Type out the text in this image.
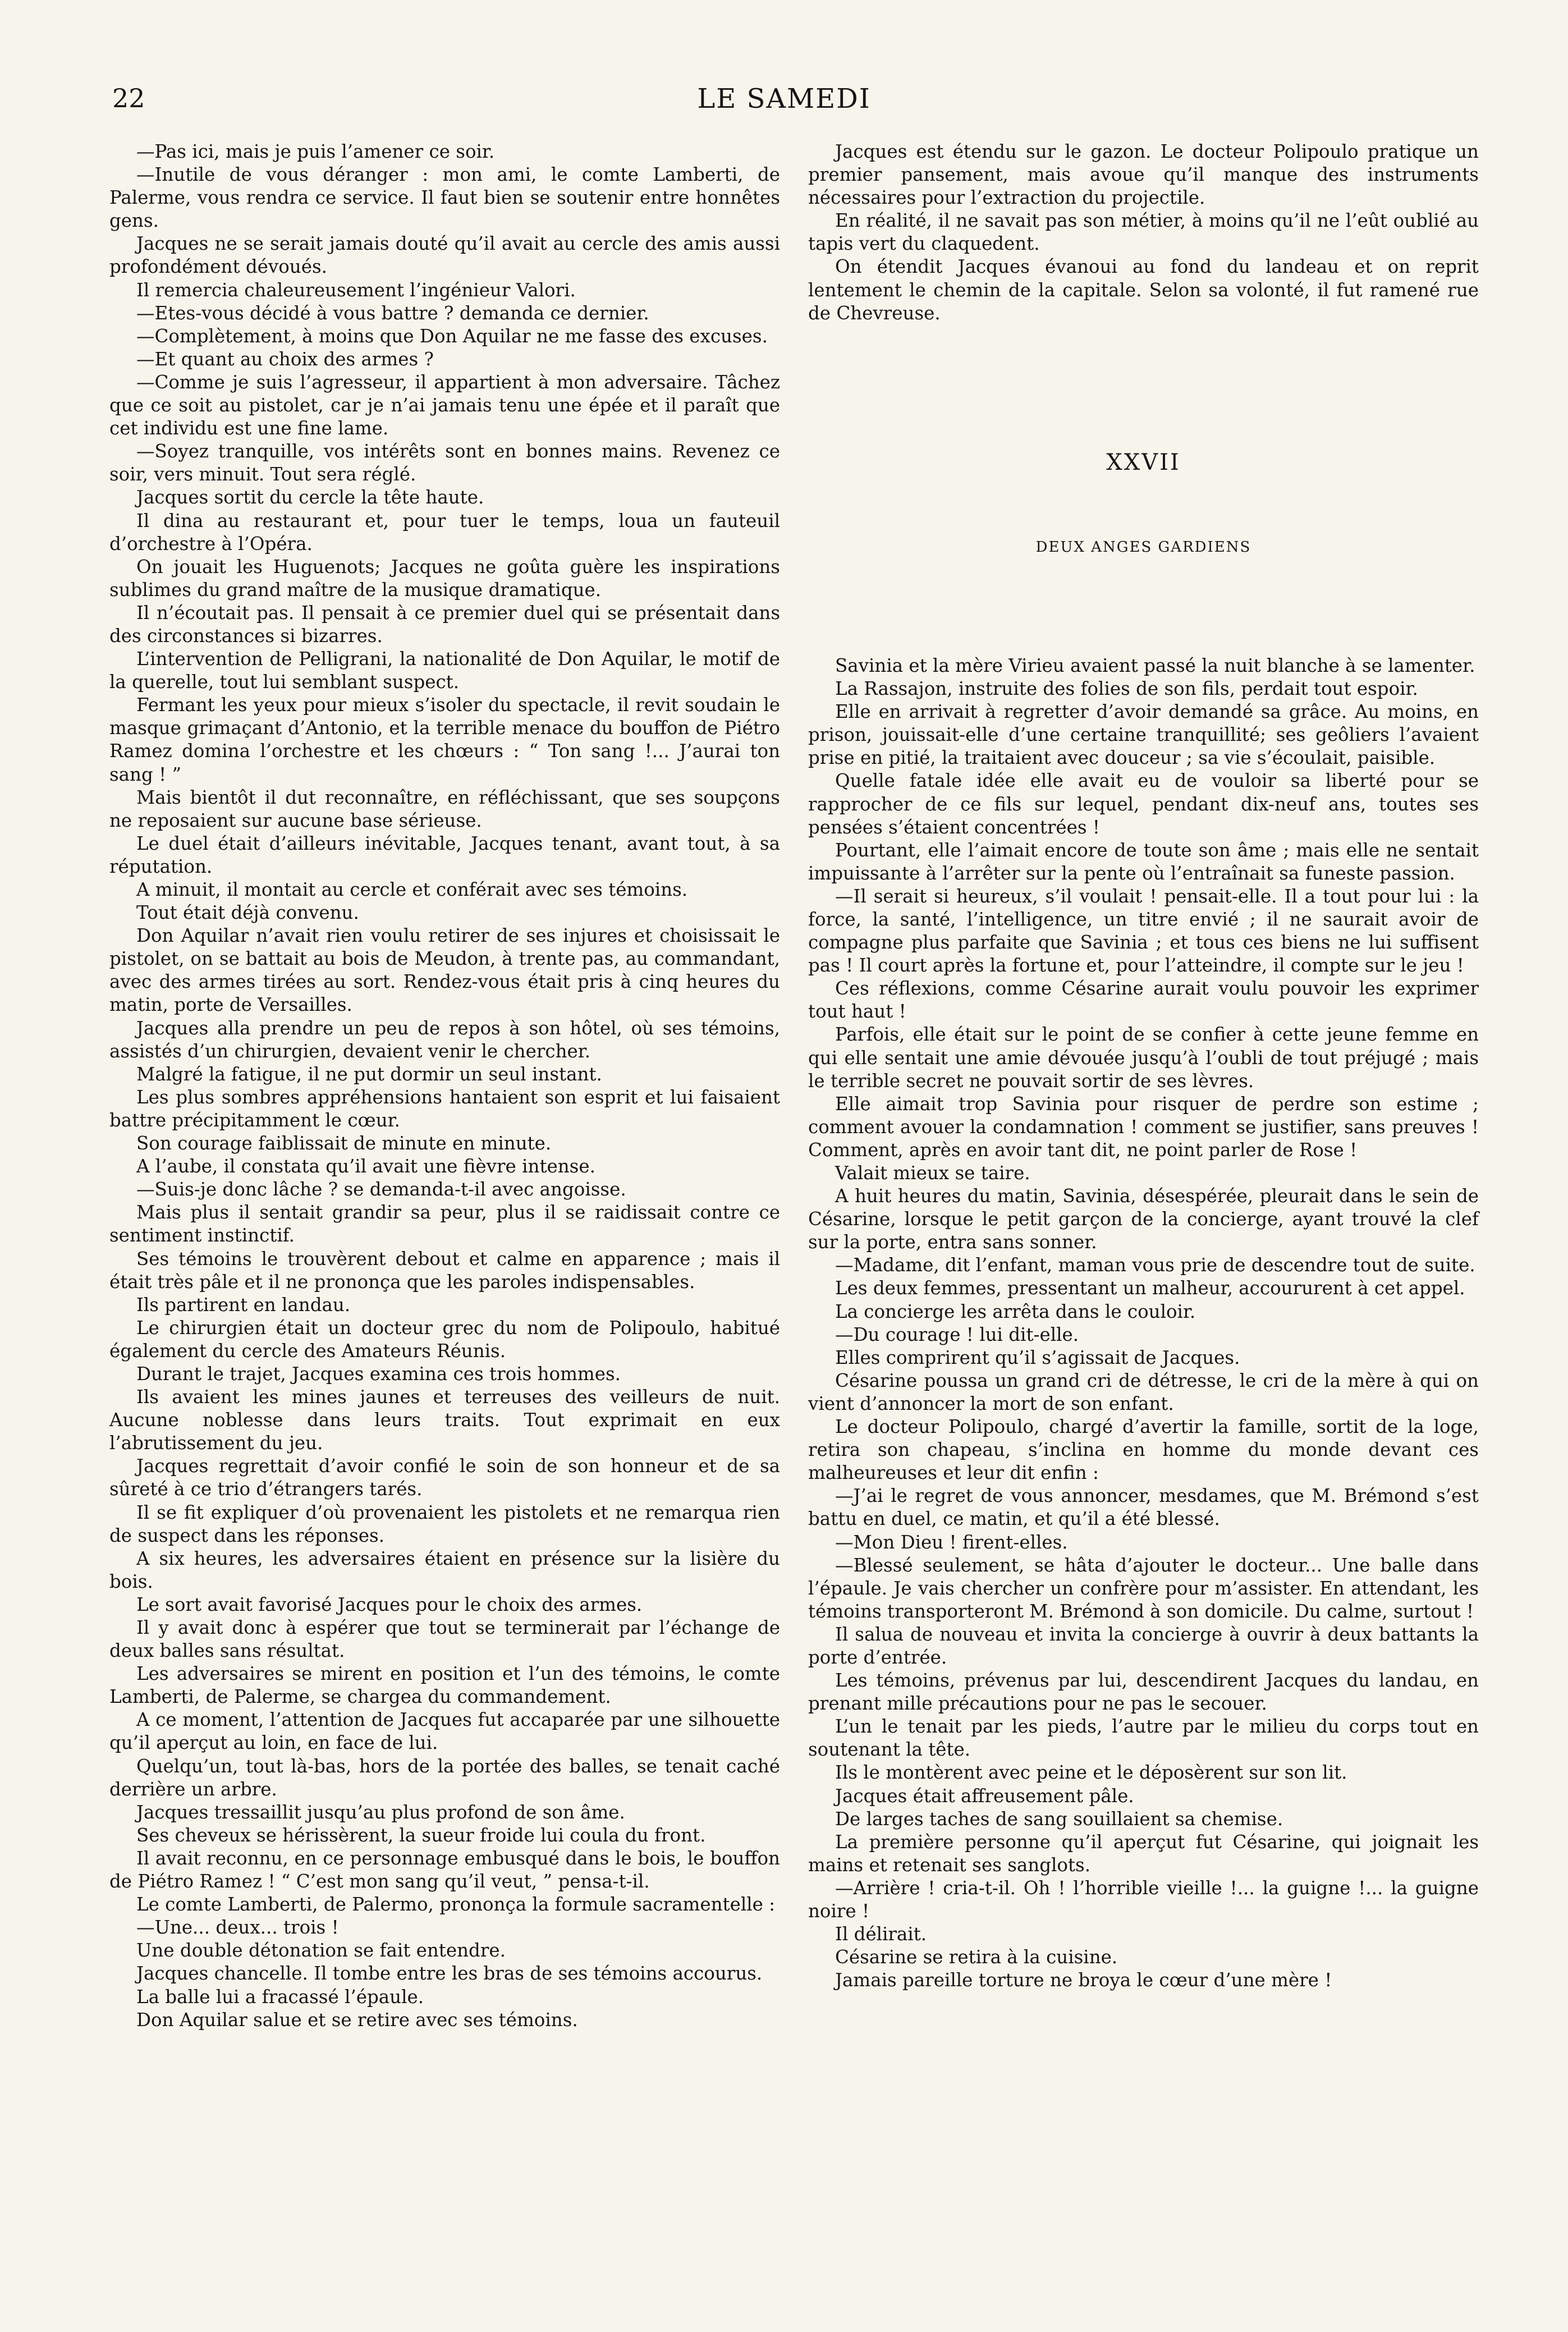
22	LE SAMEDI

—Pas ici, mais je puis l’amener ce soir.

—Inutile de vous déranger : mon ami, le comte Lamberti, de Palerme, vous rendra ce service. Il faut bien se soutenir entre honnêtes gens.

Jacques ne se serait jamais douté qu’il avait au cercle des amis aussi profondément dévoués.

Il remercia chaleureusement l’ingénieur Valori.

—Etes-vous décidé à vous battre ? demanda ce dernier.

—Complètement, à moins que Don Aquilar ne me fasse des excuses.

—Et quant au choix des armes ?

—Comme je suis l’agresseur, il appartient à mon adversaire. Tâchez que ce soit au pistolet, car je n’ai jamais tenu une épée et il paraît que cet individu est une fine lame.

—Soyez tranquille, vos intérêts sont en bonnes mains. Revenez ce soir, vers minuit. Tout sera réglé.

Jacques sortit du cercle la tête haute.

Il dina au restaurant et, pour tuer le temps, loua un fauteuil d’orchestre à l’Opéra.

On jouait les Huguenots; Jacques ne goûta guère les inspirations sublimes du grand maître de la musique dramatique.

Il n’écoutait pas. Il pensait à ce premier duel qui se présentait dans des circonstances si bizarres.

L’intervention de Pelligrani, la nationalité de Don Aquilar, le motif de la querelle, tout lui semblant suspect.

Fermant les yeux pour mieux s’isoler du spectacle, il revit soudain le masque grimaçant d’Antonio, et la terrible menace du bouffon de Piétro Ramez domina l’orchestre et les chœurs : “ Ton sang !... J’aurai ton sang ! ”

Mais bientôt il dut reconnaître, en réfléchissant, que ses soupçons ne reposaient sur aucune base sérieuse.

Le duel était d’ailleurs inévitable, Jacques tenant, avant tout, à sa réputation.

A minuit, il montait au cercle et conférait avec ses témoins.

Tout était déjà convenu.

Don Aquilar n’avait rien voulu retirer de ses injures et choisissait le pistolet, on se battait au bois de Meudon, à trente pas, au commandant, avec des armes tirées au sort. Rendez-vous était pris à cinq heures du matin, porte de Versailles.

Jacques alla prendre un peu de repos à son hôtel, où ses témoins, assistés d’un chirurgien, devaient venir le chercher.

Malgré la fatigue, il ne put dormir un seul instant.

Les plus sombres appréhensions hantaient son esprit et lui faisaient battre précipitamment le cœur.

Son courage faiblissait de minute en minute.

A l’aube, il constata qu’il avait une fièvre intense.

—Suis-je donc lâche ? se demanda-t-il avec angoisse.

Mais plus il sentait grandir sa peur, plus il se raidissait contre ce sentiment instinctif.

Ses témoins le trouvèrent debout et calme en apparence ; mais il était très pâle et il ne prononça que les paroles indispensables.

Ils partirent en landau.

Le chirurgien était un docteur grec du nom de Polipoulo, habitué également du cercle des Amateurs Réunis.

Durant le trajet, Jacques examina ces trois hommes.

Ils avaient les mines jaunes et terreuses des veilleurs de nuit. Aucune noblesse dans leurs traits. Tout exprimait en eux l’abrutissement du jeu.

Jacques regrettait d’avoir confié le soin de son honneur et de sa sûreté à ce trio d’étrangers tarés.

Il se fit expliquer d’où provenaient les pistolets et ne remarqua rien de suspect dans les réponses.

A six heures, les adversaires étaient en présence sur la lisière du bois.

Le sort avait favorisé Jacques pour le choix des armes.

Il y avait donc à espérer que tout se terminerait par l’échange de deux balles sans résultat.

Les adversaires se mirent en position et l’un des témoins, le comte Lamberti, de Palerme, se chargea du commandement.

A ce moment, l’attention de Jacques fut accaparée par une silhouette qu’il aperçut au loin, en face de lui.

Quelqu’un, tout là-bas, hors de la portée des balles, se tenait caché derrière un arbre.

Jacques tressaillit jusqu’au plus profond de son âme.

Ses cheveux se hérissèrent, la sueur froide lui coula du front.

Il avait reconnu, en ce personnage embusqué dans le bois, le bouffon de Piétro Ramez ! “ C’est mon sang qu’il veut, ” pensa-t-il.

Le comte Lamberti, de Palermo, prononça la formule sacramentelle :

—Une... deux... trois !

Une double détonation se fait entendre.

Jacques chancelle. Il tombe entre les bras de ses témoins accourus.

La balle lui a fracassé l’épaule.

Don Aquilar salue et se retire avec ses témoins.

Jacques est étendu sur le gazon. Le docteur Polipoulo pratique un premier pansement, mais avoue qu’il manque des instruments nécessaires pour l’extraction du projectile.

En réalité, il ne savait pas son métier, à moins qu’il ne l’eût oublié au tapis vert du claquedent.

On étendit Jacques évanoui au fond du landeau et on reprit lentement le chemin de la capitale. Selon sa volonté, il fut ramené rue de Chevreuse.

XXVII
DEUX ANGES GARDIENS

Savinia et la mère Virieu avaient passé la nuit blanche à se lamenter.

La Rassajon, instruite des folies de son fils, perdait tout espoir.

Elle en arrivait à regretter d’avoir demandé sa grâce. Au moins, en prison, jouissait-elle d’une certaine tranquillité; ses geôliers l’avaient prise en pitié, la traitaient avec douceur ; sa vie s’écoulait, paisible.

Quelle fatale idée elle avait eu de vouloir sa liberté pour se rapprocher de ce fils sur lequel, pendant dix-neuf ans, toutes ses pensées s’étaient concentrées !

Pourtant, elle l’aimait encore de toute son âme ; mais elle ne sentait impuissante à l’arrêter sur la pente où l’entraînait sa funeste passion.

—Il serait si heureux, s’il voulait ! pensait-elle. Il a tout pour lui : la force, la santé, l’intelligence, un titre envié ; il ne saurait avoir de compagne plus parfaite que Savinia ; et tous ces biens ne lui suffisent pas ! Il court après la fortune et, pour l’atteindre, il compte sur le jeu !

Ces réflexions, comme Césarine aurait voulu pouvoir les exprimer tout haut !

Parfois, elle était sur le point de se confier à cette jeune femme en qui elle sentait une amie dévouée jusqu’à l’oubli de tout préjugé ; mais le terrible secret ne pouvait sortir de ses lèvres.

Elle aimait trop Savinia pour risquer de perdre son estime ; comment avouer la condamnation ! comment se justifier, sans preuves ! Comment, après en avoir tant dit, ne point parler de Rose !

Valait mieux se taire.

A huit heures du matin, Savinia, désespérée, pleurait dans le sein de Césarine, lorsque le petit garçon de la concierge, ayant trouvé la clef sur la porte, entra sans sonner.

—Madame, dit l’enfant, maman vous prie de descendre tout de suite.

Les deux femmes, pressentant un malheur, accoururent à cet appel.

La concierge les arrêta dans le couloir.

—Du courage ! lui dit-elle.

Elles comprirent qu’il s’agissait de Jacques.

Césarine poussa un grand cri de détresse, le cri de la mère à qui on vient d’annoncer la mort de son enfant.

Le docteur Polipoulo, chargé d’avertir la famille, sortit de la loge, retira son chapeau, s’inclina en homme du monde devant ces malheureuses et leur dit enfin :

—J’ai le regret de vous annoncer, mesdames, que M. Brémond s’est battu en duel, ce matin, et qu’il a été blessé.

—Mon Dieu ! firent-elles.

—Blessé seulement, se hâta d’ajouter le docteur... Une balle dans l’épaule. Je vais chercher un confrère pour m’assister. En attendant, les témoins transporteront M. Brémond à son domicile. Du calme, surtout !

Il salua de nouveau et invita la concierge à ouvrir à deux battants la porte d’entrée.

Les témoins, prévenus par lui, descendirent Jacques du landau, en prenant mille précautions pour ne pas le secouer.

L’un le tenait par les pieds, l’autre par le milieu du corps tout en soutenant la tête.

Ils le montèrent avec peine et le déposèrent sur son lit.

Jacques était affreusement pâle.

De larges taches de sang souillaient sa chemise.

La première personne qu’il aperçut fut Césarine, qui joignait les mains et retenait ses sanglots.

—Arrière ! cria-t-il. Oh ! l’horrible vieille !... la guigne !... la guigne noire !

Il délirait.

Césarine se retira à la cuisine.

Jamais pareille torture ne broya le cœur d’une mère !
